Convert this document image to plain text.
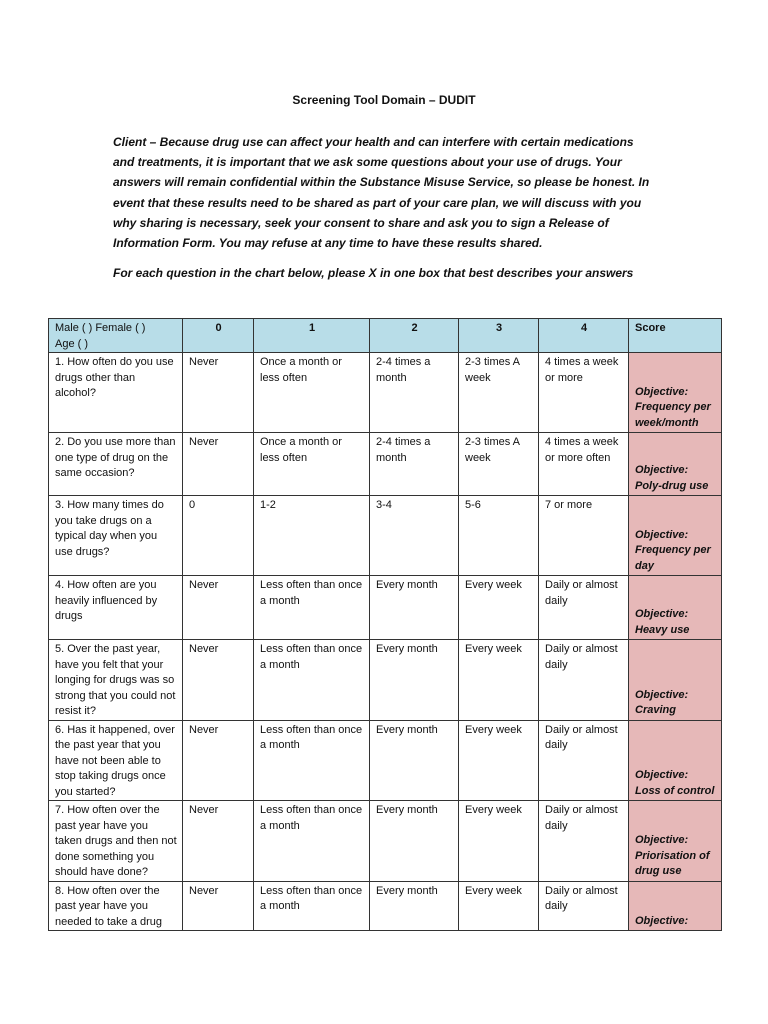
Screening Tool Domain – DUDIT
Client – Because drug use can affect your health and can interfere with certain medications and treatments, it is important that we ask some questions about your use of drugs. Your answers will remain confidential within the Substance Misuse Service, so please be honest. In event that these results need to be shared as part of your care plan, we will discuss with you why sharing is necessary, seek your consent to share and ask you to sign a Release of Information Form. You may refuse at any time to have these results shared.
For each question in the chart below, please X in one box that best describes your answers
Male ( ) Female ( )
Age ( )	0	1	2	3	4	Score
1. How often do you use drugs other than alcohol?	Never	Once a month or less often	2-4 times a month	2-3 times A week	4 times a week or more	Objective: Frequency per week/month
2. Do you use more than one type of drug on the same occasion?	Never	Once a month or less often	2-4 times a month	2-3 times A week	4 times a week or more often	Objective: Poly-drug use
3. How many times do you take drugs on a typical day when you use drugs?	0	1-2	3-4	5-6	7 or more	Objective: Frequency per day
4. How often are you heavily influenced by drugs	Never	Less often than once a month	Every month	Every week	Daily or almost daily	Objective: Heavy use
5. Over the past year, have you felt that your longing for drugs was so strong that you could not resist it?	Never	Less often than once a month	Every month	Every week	Daily or almost daily	Objective: Craving
6. Has it happened, over the past year that you have not been able to stop taking drugs once you started?	Never	Less often than once a month	Every month	Every week	Daily or almost daily	Objective: Loss of control
7. How often over the past year have you taken drugs and then not done something you should have done?	Never	Less often than once a month	Every month	Every week	Daily or almost daily	Objective: Priorisation of drug use
8. How often over the past year have you needed to take a drug	Never	Less often than once a month	Every month	Every week	Daily or almost daily	Objective:
